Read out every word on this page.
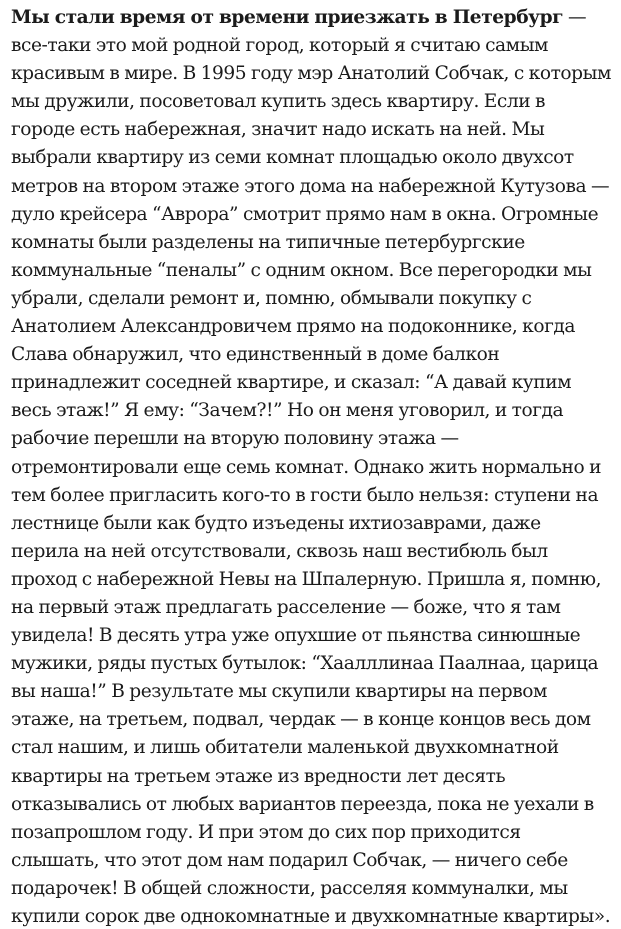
Мы стали время от времени приезжать в Петербург — все-таки это мой родной город, который я считаю самым красивым в мире. В 1995 году мэр Анатолий Собчак, с которым мы дружили, посоветовал купить здесь квартиру. Если в городе есть набережная, значит надо искать на ней. Мы выбрали квартиру из семи комнат площадью около двухсот метров на втором этаже этого дома на набережной Кутузова — дуло крейсера “Аврора” смотрит прямо нам в окна. Огромные комнаты были разделены на типичные петербургские коммунальные “пеналы” с одним окном. Все перегородки мы убрали, сделали ремонт и, помню, обмывали покупку с Анатолием Александровичем прямо на подоконнике, когда Слава обнаружил, что единственный в доме балкон принадлежит соседней квартире, и сказал: “А давай купим весь этаж!” Я ему: “Зачем?!” Но он меня уговорил, и тогда рабочие перешли на вторую половину этажа — отремонтировали еще семь комнат. Однако жить нормально и тем более пригласить кого-то в гости было нельзя: ступени на лестнице были как будто изъедены ихтиозаврами, даже перила на ней отсутствовали, сквозь наш вестибюль был проход с набережной Невы на Шпалерную. Пришла я, помню, на первый этаж предлагать расселение — боже, что я там увидела! В десять утра уже опухшие от пьянства синюшные мужики, ряды пустых бутылок: “Хаалллинаа Паалнаа, царица вы наша!” В результате мы скупили квартиры на первом этаже, на третьем, подвал, чердак — в конце концов весь дом стал нашим, и лишь обитатели маленькой двухкомнатной квартиры на третьем этаже из вредности лет десять отказывались от любых вариантов переезда, пока не уехали в позапрошлом году. И при этом до сих пор приходится слышать, что этот дом нам подарил Собчак, — ничего себе подарочек! В общей сложности, расселяя коммуналки, мы купили сорок две однокомнатные и двухкомнатные квартиры».
